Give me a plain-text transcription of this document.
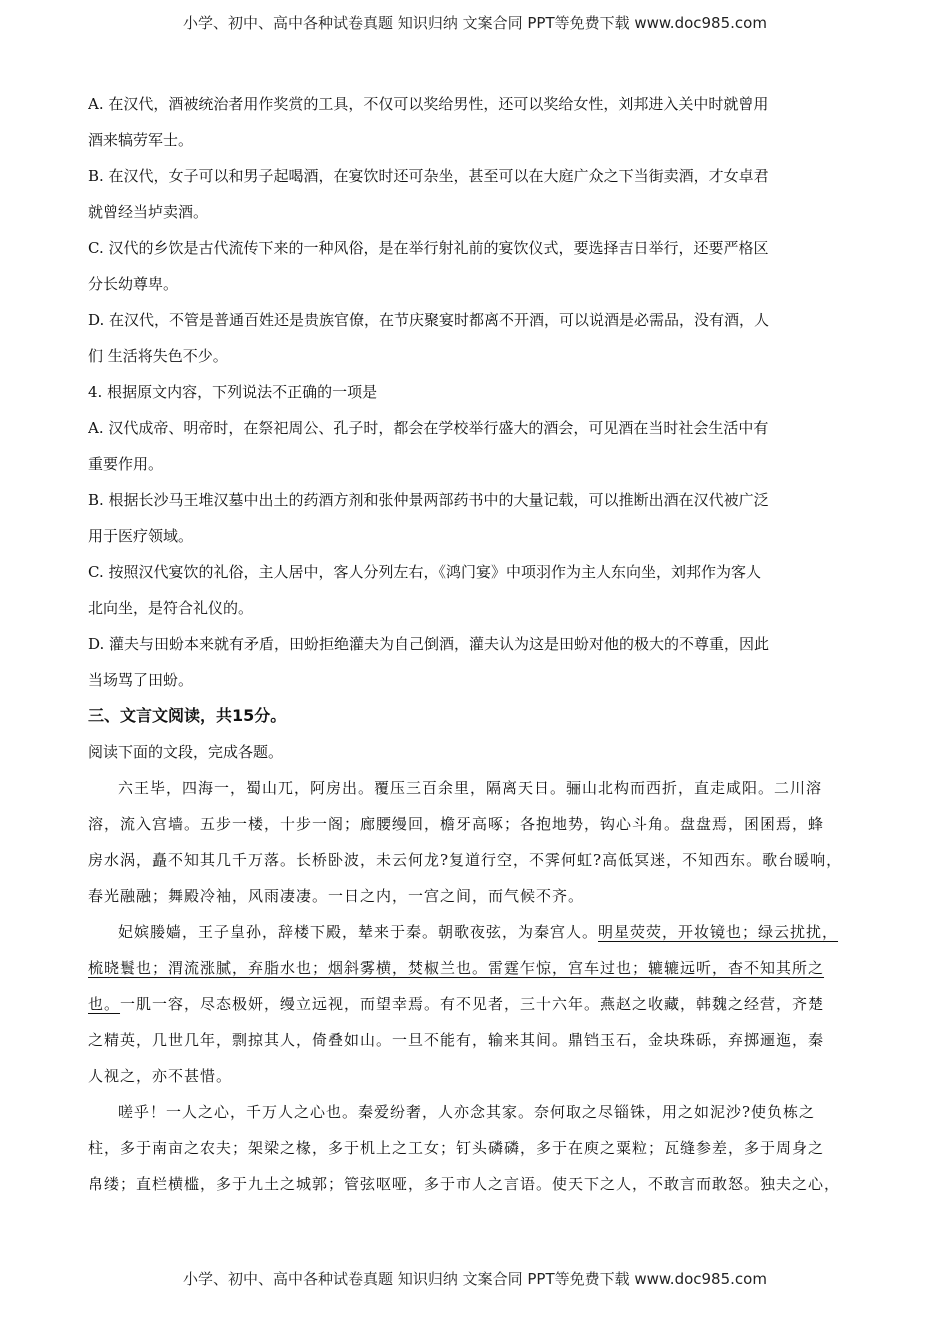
小学、初中、高中各种试卷真题 知识归纳 文案合同 PPT等免费下载 www.doc985.com
A. 在汉代，酒被统治者用作奖赏的工具，不仅可以奖给男性，还可以奖给女性，刘邦进入关中时就曾用
酒来犒劳军士。
B. 在汉代，女子可以和男子起喝酒，在宴饮时还可杂坐，甚至可以在大庭广众之下当街卖酒，才女卓君
就曾经当垆卖酒。
C. 汉代的乡饮是古代流传下来的一种风俗，是在举行射礼前的宴饮仪式，要选择吉日举行，还要严格区
分长幼尊卑。
D. 在汉代，不管是普通百姓还是贵族官僚，在节庆聚宴时都离不开酒，可以说酒是必需品，没有酒，人
们 生活将失色不少。
4. 根据原文内容，下列说法不正确的一项是
A. 汉代成帝、明帝时，在祭祀周公、孔子时，都会在学校举行盛大的酒会，可见酒在当时社会生活中有
重要作用。
B. 根据长沙马王堆汉墓中出土的药酒方剂和张仲景两部药书中的大量记载，可以推断出酒在汉代被广泛
用于医疗领域。
C. 按照汉代宴饮的礼俗，主人居中，客人分列左右，《鸿门宴》中项羽作为主人东向坐，刘邦作为客人
北向坐，是符合礼仪的。
D. 灌夫与田蚡本来就有矛盾，田蚡拒绝灌夫为自己倒酒，灌夫认为这是田蚡对他的极大的不尊重，因此
当场骂了田蚡。
三、文言文阅读，共15分。
阅读下面的文段，完成各题。
六王毕，四海一，蜀山兀，阿房出。覆压三百余里，隔离天日。骊山北构而西折，直走咸阳。二川溶
溶，流入宫墙。五步一楼，十步一阁；廊腰缦回，檐牙高啄；各抱地势，钩心斗角。盘盘焉，囷囷焉，蜂
房水涡，矗不知其几千万落。长桥卧波，未云何龙?复道行空，不霁何虹?高低冥迷，不知西东。歌台暖响，
春光融融；舞殿冷袖，风雨凄凄。一日之内，一宫之间，而气候不齐。
妃嫔媵嫱，王子皇孙，辞楼下殿，辇来于秦。朝歌夜弦，为秦宫人。明星荧荧，开妆镜也；绿云扰扰，
梳晓鬟也；渭流涨腻，弃脂水也；烟斜雾横，焚椒兰也。雷霆乍惊，宫车过也；辘辘远听，杳不知其所之
也。一肌一容，尽态极妍，缦立远视，而望幸焉。有不见者，三十六年。燕赵之收藏，韩魏之经营，齐楚
之精英，几世几年，剽掠其人，倚叠如山。一旦不能有，输来其间。鼎铛玉石，金块珠砾，弃掷逦迤，秦
人视之，亦不甚惜。
嗟乎！一人之心，千万人之心也。秦爱纷奢，人亦念其家。奈何取之尽锱铢，用之如泥沙?使负栋之
柱，多于南亩之农夫；架梁之椽，多于机上之工女；钉头磷磷，多于在庾之粟粒；瓦缝参差，多于周身之
帛缕；直栏横槛，多于九土之城郭；管弦呕哑，多于市人之言语。使天下之人，不敢言而敢怒。独夫之心，
小学、初中、高中各种试卷真题 知识归纳 文案合同 PPT等免费下载 www.doc985.com
